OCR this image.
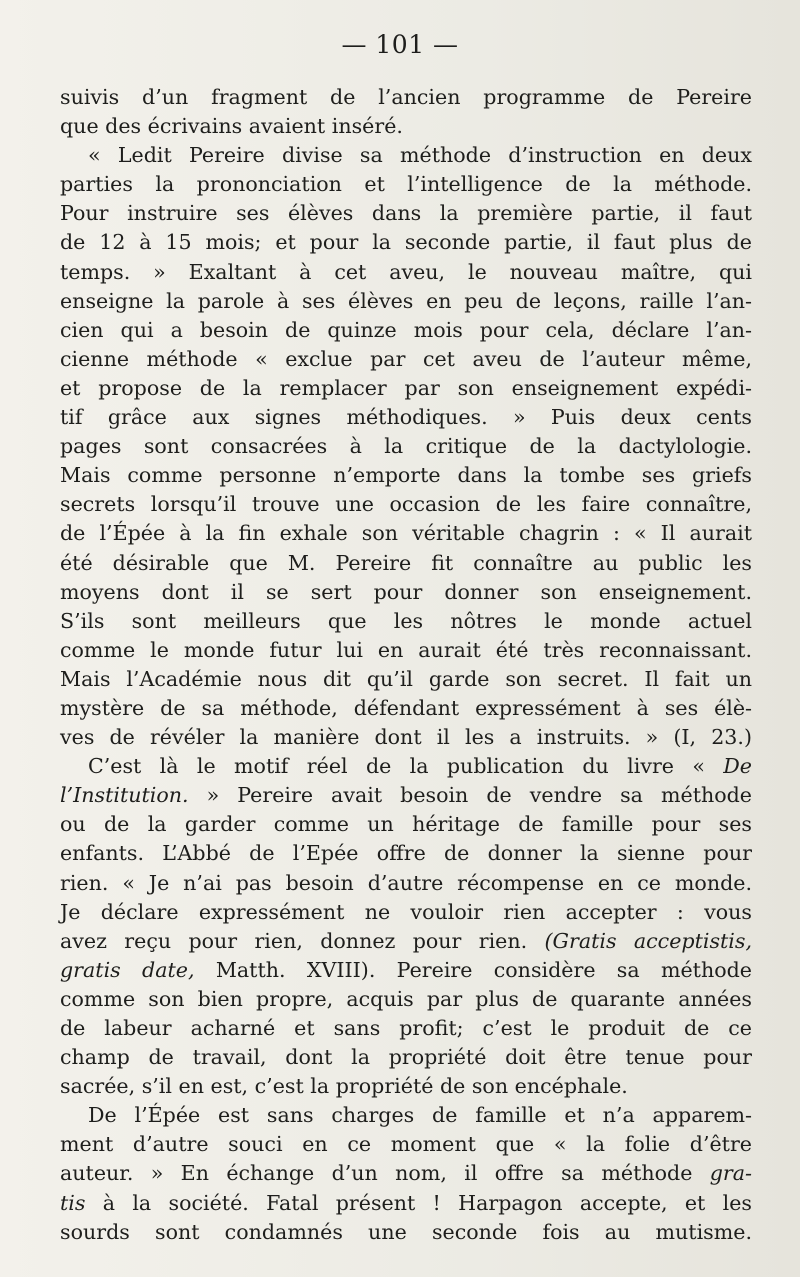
— 101 —
suivis d’un fragment de l’ancien programme de Pereire
que des écrivains avaient inséré.
« Ledit Pereire divise sa méthode d’instruction en deux
parties la prononciation et l’intelligence de la méthode.
Pour instruire ses élèves dans la première partie, il faut
de 12 à 15 mois; et pour la seconde partie, il faut plus de
temps. » Exaltant à cet aveu, le nouveau maître, qui
enseigne la parole à ses élèves en peu de leçons, raille l’an-
cien qui a besoin de quinze mois pour cela, déclare l’an-
cienne méthode « exclue par cet aveu de l’auteur même,
et propose de la remplacer par son enseignement expédi-
tif grâce aux signes méthodiques. » Puis deux cents
pages sont consacrées à la critique de la dactylologie.
Mais comme personne n’emporte dans la tombe ses griefs
secrets lorsqu’il trouve une occasion de les faire connaître,
de l’Épée à la fin exhale son véritable chagrin : « Il aurait
été désirable que M. Pereire fit connaître au public les
moyens dont il se sert pour donner son enseignement.
S’ils sont meilleurs que les nôtres le monde actuel
comme le monde futur lui en aurait été très reconnaissant.
Mais l’Académie nous dit qu’il garde son secret. Il fait un
mystère de sa méthode, défendant expressément à ses élè-
ves de révéler la manière dont il les a instruits. » (I, 23.)
C’est là le motif réel de la publication du livre « De
l’Institution. » Pereire avait besoin de vendre sa méthode
ou de la garder comme un héritage de famille pour ses
enfants. L’Abbé de l’Epée offre de donner la sienne pour
rien. « Je n’ai pas besoin d’autre récompense en ce monde.
Je déclare expressément ne vouloir rien accepter : vous
avez reçu pour rien, donnez pour rien. (Gratis acceptistis,
gratis date, Matth. XVIII). Pereire considère sa méthode
comme son bien propre, acquis par plus de quarante années
de labeur acharné et sans profit; c’est le produit de ce
champ de travail, dont la propriété doit être tenue pour
sacrée, s’il en est, c’est la propriété de son encéphale.
De l’Épée est sans charges de famille et n’a apparem-
ment d’autre souci en ce moment que « la folie d’être
auteur. » En échange d’un nom, il offre sa méthode gra-
tis à la société. Fatal présent ! Harpagon accepte, et les
sourds sont condamnés une seconde fois au mutisme.
